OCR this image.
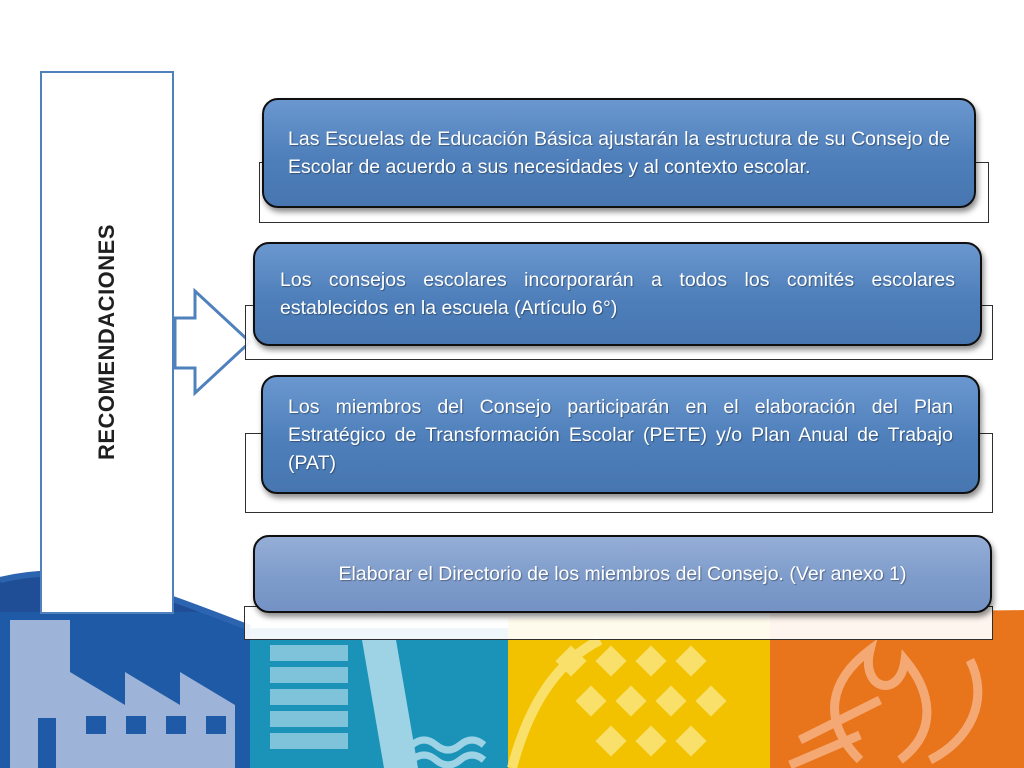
RECOMENDACIONES
Las Escuelas de Educación Básica ajustarán la estructura de su Consejo de Escolar de acuerdo a sus necesidades y al contexto escolar.
Los consejos escolares incorporarán a todos los comités escolares establecidos en la escuela (Artículo 6°)
Los miembros del Consejo participarán en el elaboración del Plan Estratégico de Transformación Escolar (PETE) y/o Plan Anual de Trabajo (PAT)
Elaborar el Directorio de los miembros del Consejo. (Ver anexo 1)
